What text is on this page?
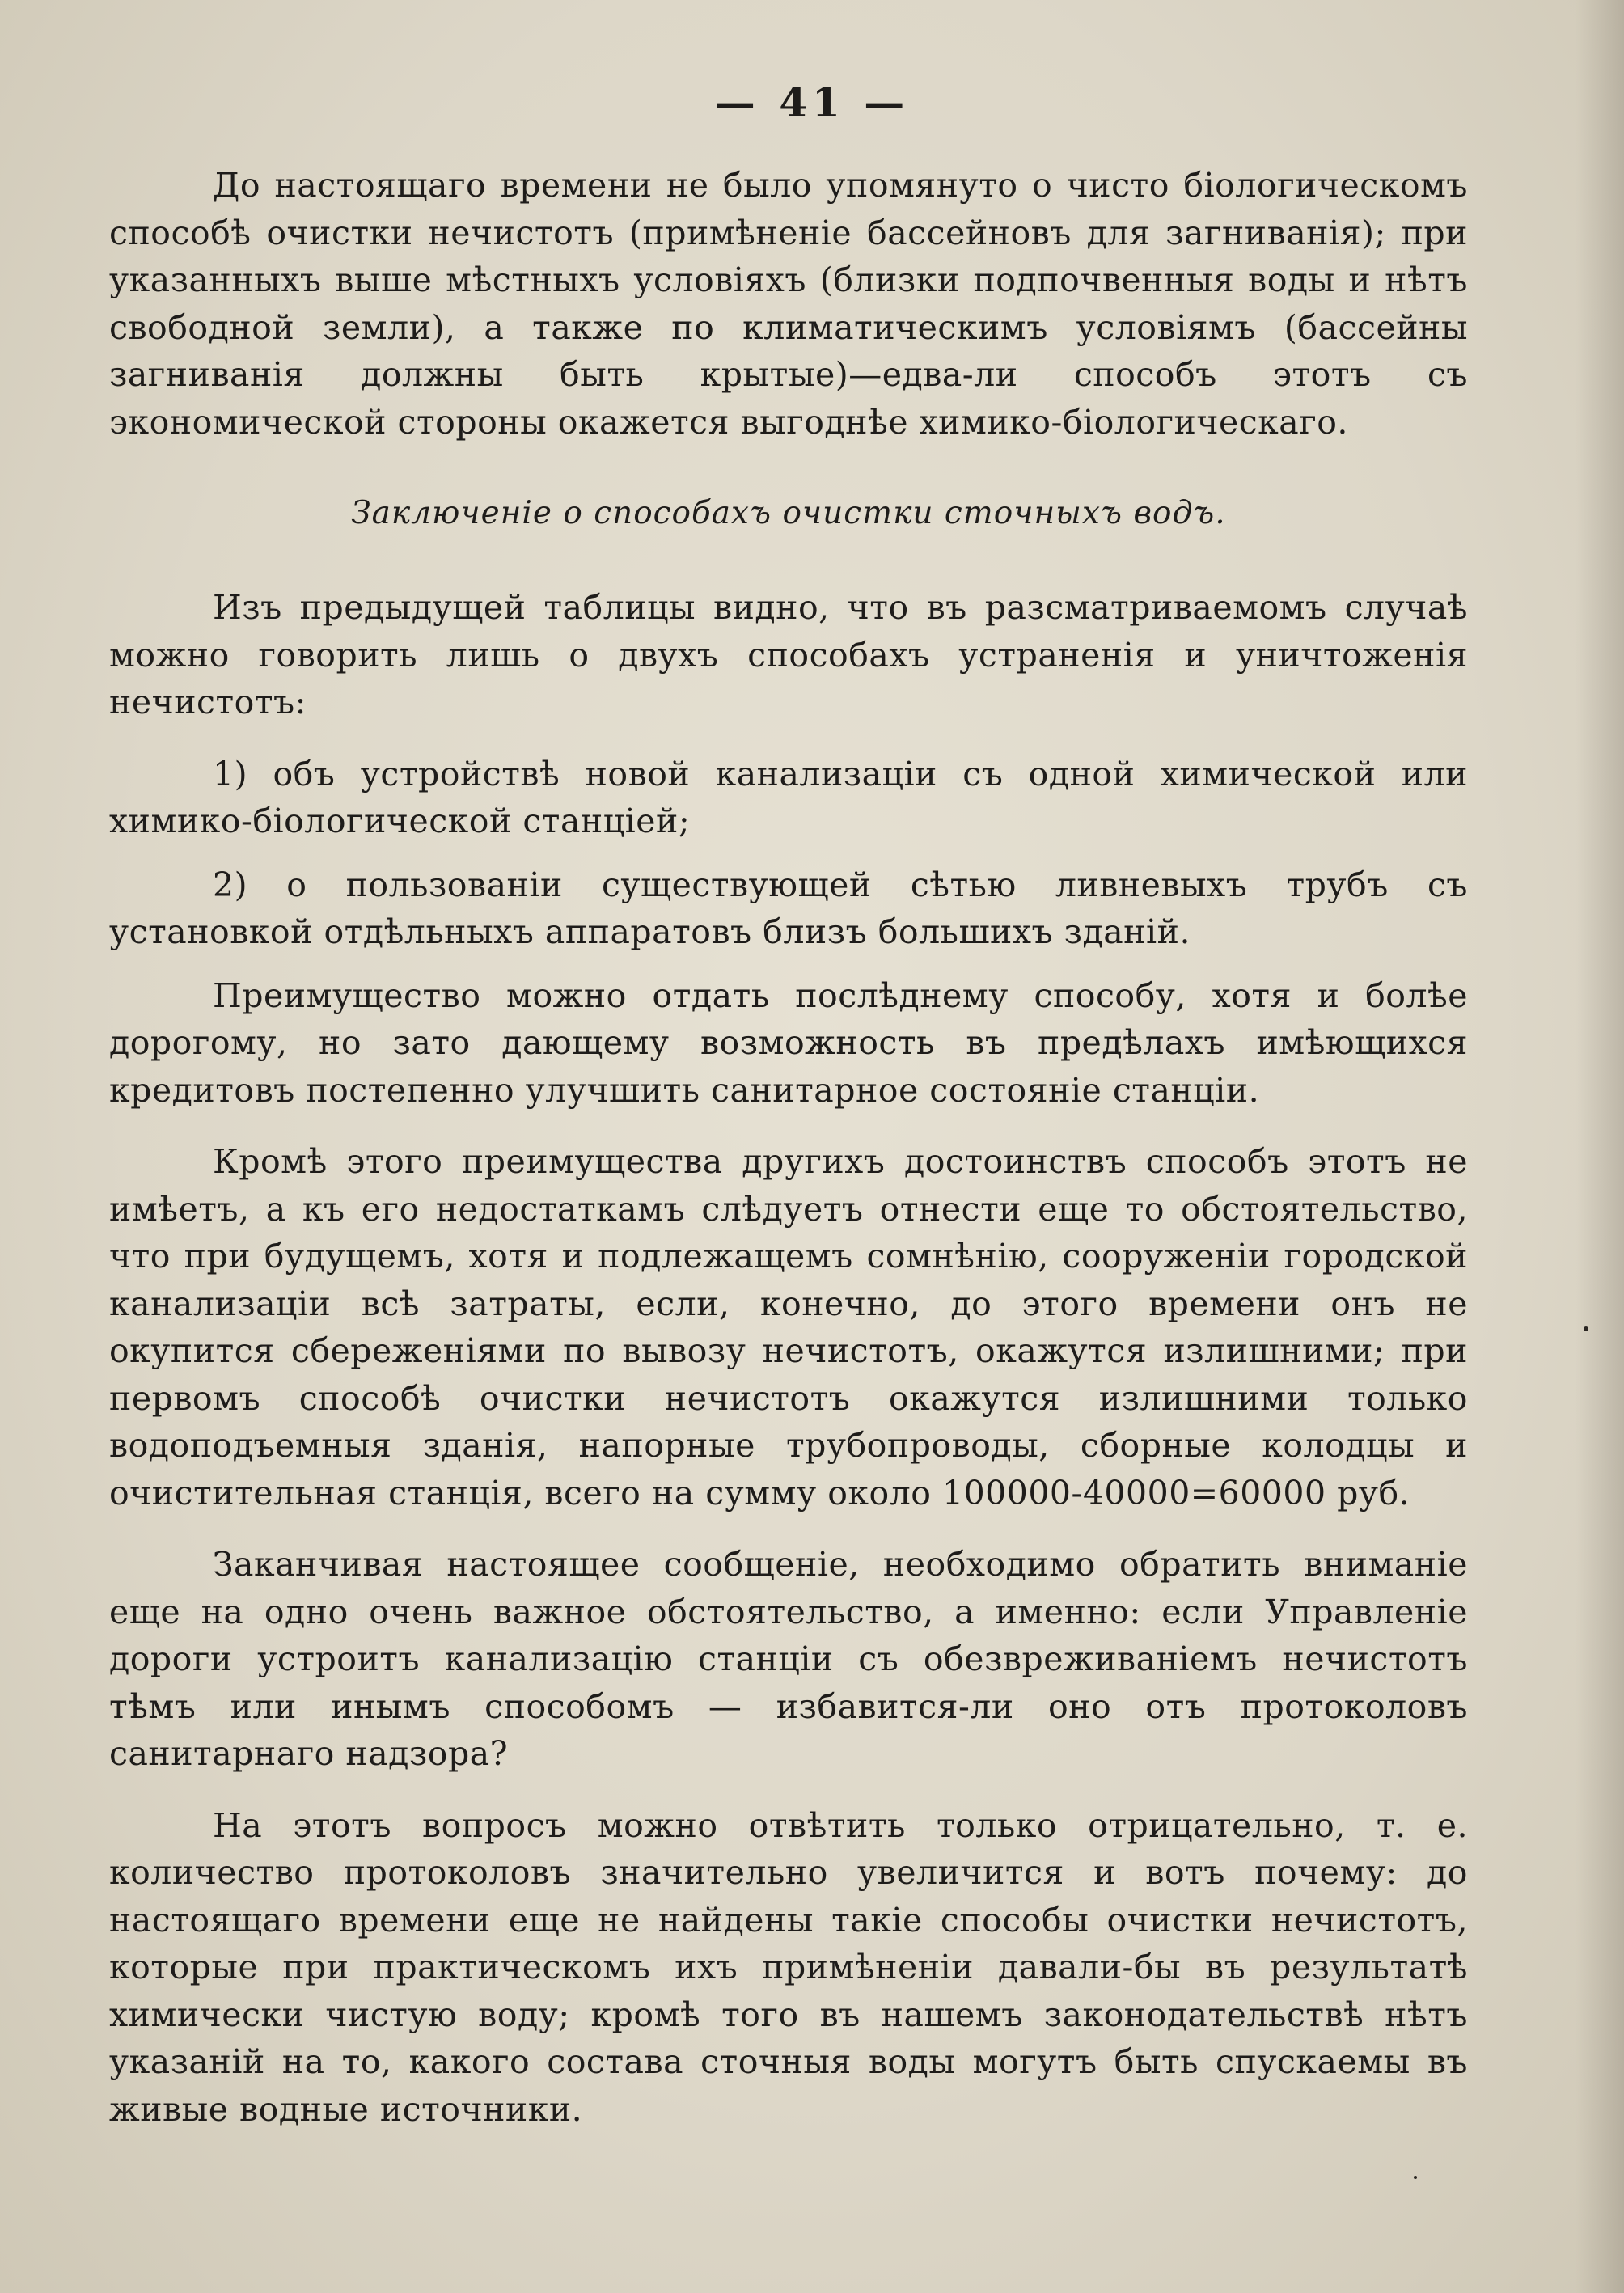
— 41 —

До настоящаго времени не было упомянуто о чисто біологическомъ способѣ очистки нечистотъ (примѣненіе бассейновъ для загниванія); при указанныхъ выше мѣстныхъ условіяхъ (близки подпочвенныя воды и нѣтъ свободной земли), а также по климатическимъ условіямъ (бассейны загниванія должны быть крытые)—едва-ли способъ этотъ съ экономической стороны окажется выгоднѣе химико-біологическаго.

Заключеніе о способахъ очистки сточныхъ водъ.

Изъ предыдущей таблицы видно, что въ разсматриваемомъ случаѣ можно говорить лишь о двухъ способахъ устраненія и уничтоженія нечистотъ:

1) объ устройствѣ новой канализаціи съ одной химической или химико-біологической станціей;

2) о пользованіи существующей сѣтью ливневыхъ трубъ съ установкой отдѣльныхъ аппаратовъ близъ большихъ зданій.

Преимущество можно отдать послѣднему способу, хотя и болѣе дорогому, но зато дающему возможность въ предѣлахъ имѣющихся кредитовъ постепенно улучшить санитарное состояніе станціи.

Кромѣ этого преимущества другихъ достоинствъ способъ этотъ не имѣетъ, а къ его недостаткамъ слѣдуетъ отнести еще то обстоятельство, что при будущемъ, хотя и подлежащемъ сомнѣнію, сооруженіи городской канализаціи всѣ затраты, если, конечно, до этого времени онъ не окупится сбереженіями по вывозу нечистотъ, окажутся излишними; при первомъ способѣ очистки нечистотъ окажутся излишними только водоподъемныя зданія, напорные трубопроводы, сборные колодцы и очистительная станція, всего на сумму около 100000-40000=60000 руб.

Заканчивая настоящее сообщеніе, необходимо обратить вниманіе еще на одно очень важное обстоятельство, а именно: если Управленіе дороги устроитъ канализацію станціи съ обезвреживаніемъ нечистотъ тѣмъ или инымъ способомъ — избавится-ли оно отъ протоколовъ санитарнаго надзора?

На этотъ вопросъ можно отвѣтить только отрицательно, т. е. количество протоколовъ значительно увеличится и вотъ почему: до настоящаго времени еще не найдены такіе способы очистки нечистотъ, которые при практическомъ ихъ примѣненіи давали-бы въ результатѣ химически чистую воду; кромѣ того въ нашемъ законодательствѣ нѣтъ указаній на то, какого состава сточныя воды могутъ быть спускаемы въ живые водные источники.
